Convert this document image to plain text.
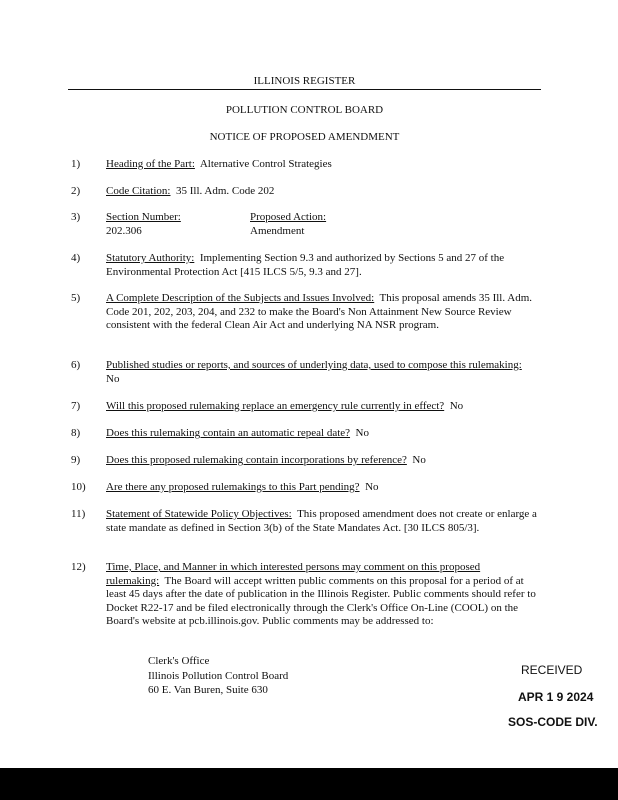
ILLINOIS REGISTER
POLLUTION CONTROL BOARD
NOTICE OF PROPOSED AMENDMENT
1) Heading of the Part: Alternative Control Strategies
2) Code Citation: 35 Ill. Adm. Code 202
3) Section Number:
202.306
Proposed Action:
Amendment
4) Statutory Authority: Implementing Section 9.3 and authorized by Sections 5 and 27 of the Environmental Protection Act [415 ILCS 5/5, 9.3 and 27].
5) A Complete Description of the Subjects and Issues Involved: This proposal amends 35 Ill. Adm. Code 201, 202, 203, 204, and 232 to make the Board's Non Attainment New Source Review consistent with the federal Clean Air Act and underlying NA NSR program.
6) Published studies or reports, and sources of underlying data, used to compose this rulemaking:  No
7) Will this proposed rulemaking replace an emergency rule currently in effect? No
8) Does this rulemaking contain an automatic repeal date? No
9) Does this proposed rulemaking contain incorporations by reference? No
10) Are there any proposed rulemakings to this Part pending? No
11) Statement of Statewide Policy Objectives: This proposed amendment does not create or enlarge a state mandate as defined in Section 3(b) of the State Mandates Act. [30 ILCS 805/3].
12) Time, Place, and Manner in which interested persons may comment on this proposed rulemaking: The Board will accept written public comments on this proposal for a period of at least 45 days after the date of publication in the Illinois Register. Public comments should refer to Docket R22-17 and be filed electronically through the Clerk's Office On-Line (COOL) on the Board's website at pcb.illinois.gov. Public comments may be addressed to:
Clerk's Office
Illinois Pollution Control Board
60 E. Van Buren, Suite 630
RECEIVED
APR 1 9 2024
SOS-CODE DIV.
